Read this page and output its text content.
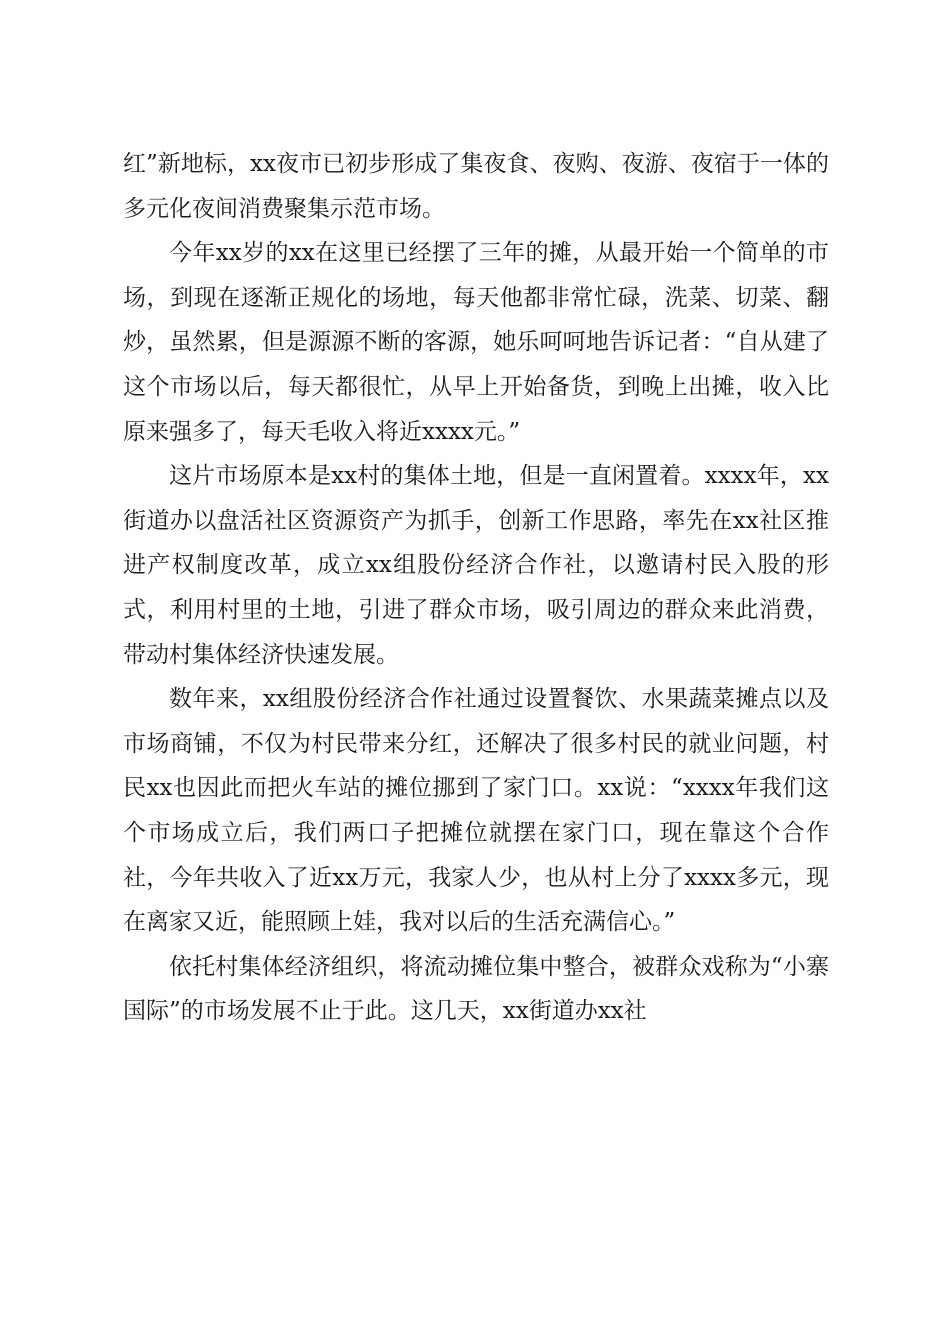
红”新地标，xx夜市已初步形成了集夜食、夜购、夜游、夜宿于一体的多元化夜间消费聚集示范市场。

今年xx岁的xx在这里已经摆了三年的摊，从最开始一个简单的市场，到现在逐渐正规化的场地，每天他都非常忙碌，洗菜、切菜、翻炒，虽然累，但是源源不断的客源，她乐呵呵地告诉记者：“自从建了这个市场以后，每天都很忙，从早上开始备货，到晚上出摊，收入比原来强多了，每天毛收入将近xxxx元。”

这片市场原本是xx村的集体土地，但是一直闲置着。xxxx年，xx街道办以盘活社区资源资产为抓手，创新工作思路，率先在xx社区推进产权制度改革，成立xx组股份经济合作社，以邀请村民入股的形式，利用村里的土地，引进了群众市场，吸引周边的群众来此消费，带动村集体经济快速发展。

数年来，xx组股份经济合作社通过设置餐饮、水果蔬菜摊点以及市场商铺，不仅为村民带来分红，还解决了很多村民的就业问题，村民xx也因此而把火车站的摊位挪到了家门口。xx说：“xxxx年我们这个市场成立后，我们两口子把摊位就摆在家门口，现在靠这个合作社，今年共收入了近xx万元，我家人少，也从村上分了xxxx多元，现在离家又近，能照顾上娃，我对以后的生活充满信心。”

依托村集体经济组织，将流动摊位集中整合，被群众戏称为“小寨国际”的市场发展不止于此。这几天，xx街道办xx社
